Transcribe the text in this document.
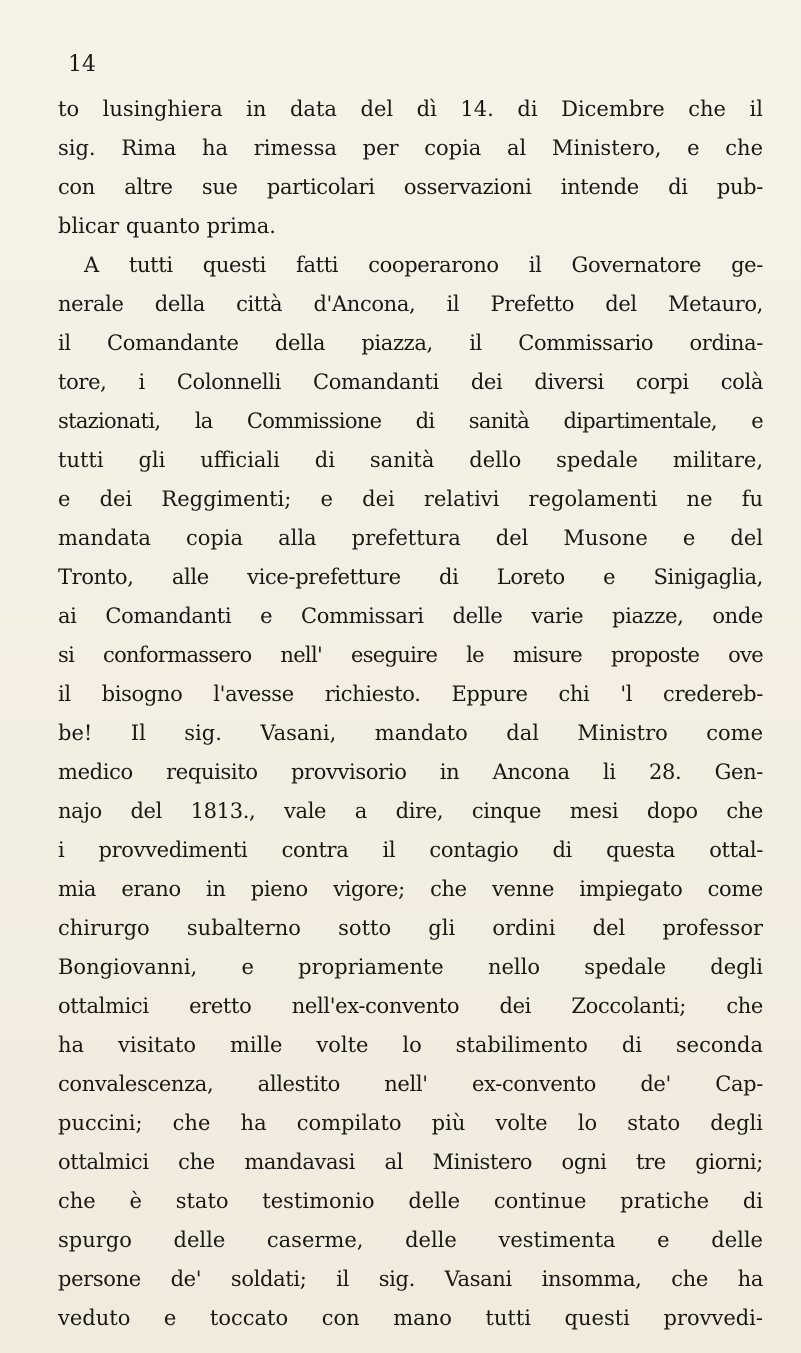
14
to lusinghiera in data del dì 14. di Dicembre che il
sig. Rima ha rimessa per copia al Ministero, e che
con altre sue particolari osservazioni intende di pub-
blicar quanto prima.
A tutti questi fatti cooperarono il Governatore ge-
nerale della città d'Ancona, il Prefetto del Metauro,
il Comandante della piazza, il Commissario ordina-
tore, i Colonnelli Comandanti dei diversi corpi colà
stazionati, la Commissione di sanità dipartimentale, e
tutti gli ufficiali di sanità dello spedale militare,
e dei Reggimenti; e dei relativi regolamenti ne fu
mandata copia alla prefettura del Musone e del
Tronto, alle vice-prefetture di Loreto e Sinigaglia,
ai Comandanti e Commissari delle varie piazze, onde
si conformassero nell' eseguire le misure proposte ove
il bisogno l'avesse richiesto. Eppure chi 'l credereb-
be! Il sig. Vasani, mandato dal Ministro come
medico requisito provvisorio in Ancona li 28. Gen-
najo del 1813., vale a dire, cinque mesi dopo che
i provvedimenti contra il contagio di questa ottal-
mia erano in pieno vigore; che venne impiegato come
chirurgo subalterno sotto gli ordini del professor
Bongiovanni, e propriamente nello spedale degli
ottalmici eretto nell'ex-convento dei Zoccolanti; che
ha visitato mille volte lo stabilimento di seconda
convalescenza, allestito nell' ex-convento de' Cap-
puccini; che ha compilato più volte lo stato degli
ottalmici che mandavasi al Ministero ogni tre giorni;
che è stato testimonio delle continue pratiche di
spurgo delle caserme, delle vestimenta e delle
persone de' soldati; il sig. Vasani insomma, che ha
veduto e toccato con mano tutti questi provvedi-
